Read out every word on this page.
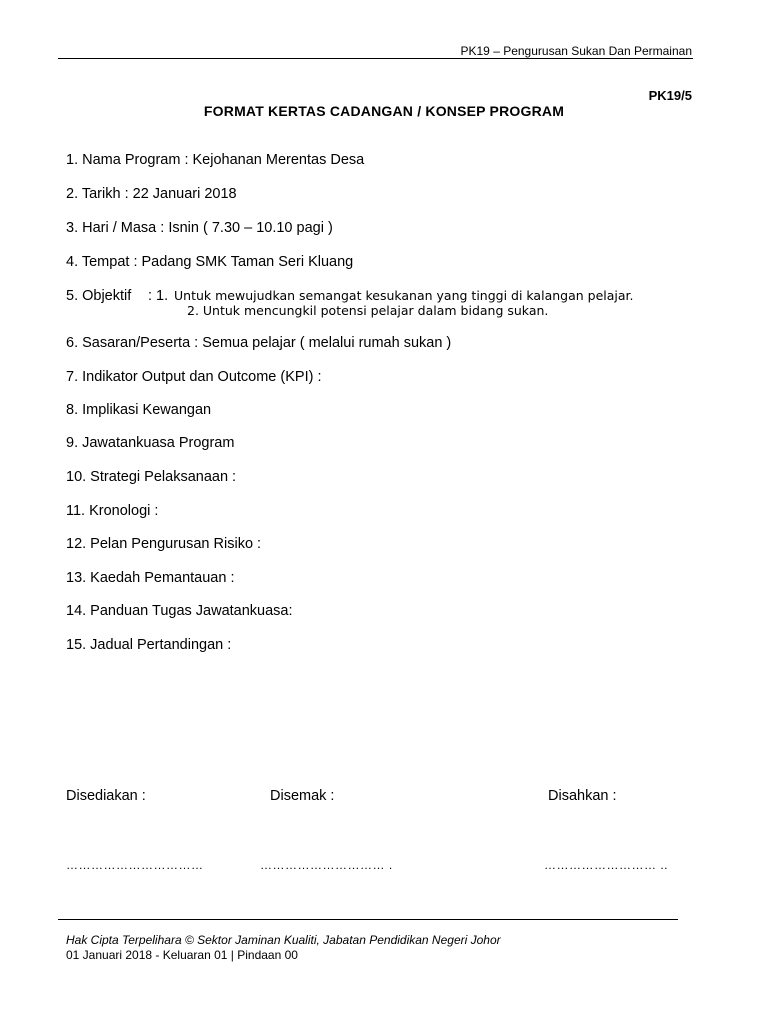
PK19 – Pengurusan Sukan Dan Permainan
PK19/5
FORMAT KERTAS CADANGAN / KONSEP PROGRAM
1. Nama Program : Kejohanan Merentas Desa
2. Tarikh : 22 Januari 2018
3. Hari / Masa : Isnin ( 7.30 – 10.10 pagi )
4. Tempat : Padang SMK Taman Seri Kluang
5. Objektif : 1. Untuk mewujudkan semangat kesukanan yang tinggi di kalangan pelajar.
2. Untuk mencungkil potensi pelajar dalam bidang sukan.
6. Sasaran/Peserta : Semua pelajar ( melalui rumah sukan )
7. Indikator Output dan Outcome (KPI) :
8. Implikasi Kewangan
9. Jawatankuasa Program
10. Strategi Pelaksanaan :
11. Kronologi :
12. Pelan Pengurusan Risiko :
13. Kaedah Pemantauan :
14. Panduan Tugas Jawatankuasa:
15. Jadual Pertandingan :
Disediakan :	Disemak :	Disahkan :
……………………………	………………………… .	……………………… ..
Hak Cipta Terpelihara © Sektor Jaminan Kualiti, Jabatan Pendidikan Negeri Johor
01 Januari 2018 - Keluaran 01 | Pindaan 00
